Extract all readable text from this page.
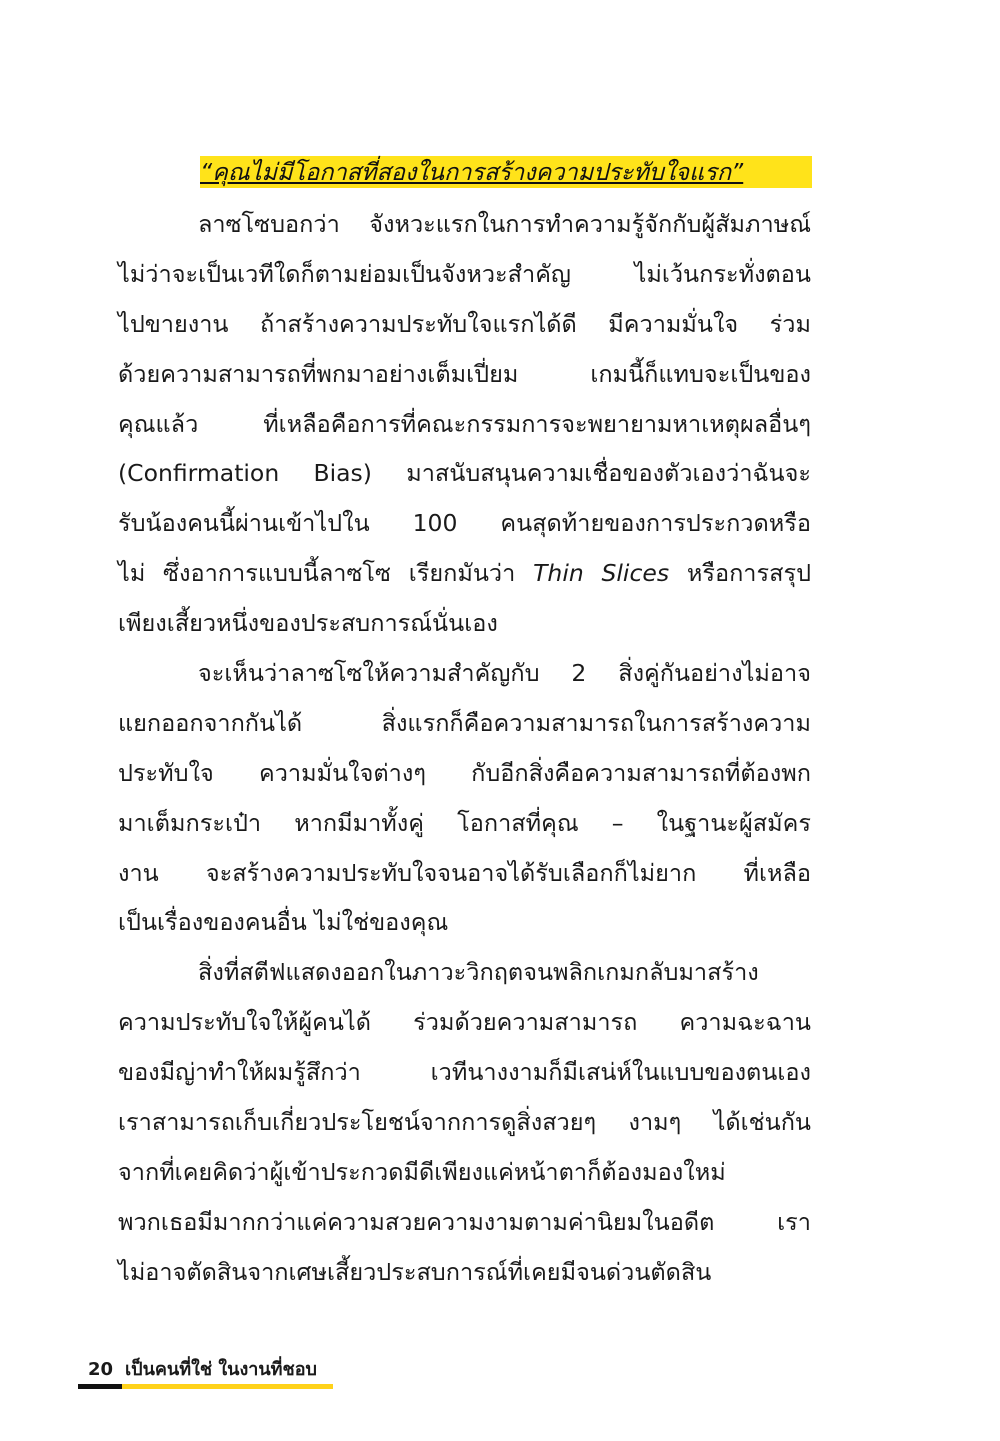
“คุณไม่มีโอกาสที่สองในการสร้างความประทับใจแรก”
ลาซโซบอกว่า จังหวะแรกในการทำความรู้จักกับผู้สัมภาษณ์
ไม่ว่าจะเป็นเวทีใดก็ตามย่อมเป็นจังหวะสำคัญ ไม่เว้นกระทั่งตอน
ไปขายงาน ถ้าสร้างความประทับใจแรกได้ดี มีความมั่นใจ ร่วม
ด้วยความสามารถที่พกมาอย่างเต็มเปี่ยม เกมนี้ก็แทบจะเป็นของ
คุณแล้ว ที่เหลือคือการที่คณะกรรมการจะพยายามหาเหตุผลอื่นๆ
(Confirmation Bias) มาสนับสนุนความเชื่อของตัวเองว่าฉันจะ
รับน้องคนนี้ผ่านเข้าไปใน 100 คนสุดท้ายของการประกวดหรือ
ไม่ ซึ่งอาการแบบนี้ลาซโซ เรียกมันว่า Thin Slices หรือการสรุป
เพียงเสี้ยวหนึ่งของประสบการณ์นั่นเอง
จะเห็นว่าลาซโซให้ความสำคัญกับ 2 สิ่งคู่กันอย่างไม่อาจ
แยกออกจากกันได้ สิ่งแรกก็คือความสามารถในการสร้างความ
ประทับใจ ความมั่นใจต่างๆ กับอีกสิ่งคือความสามารถที่ต้องพก
มาเต็มกระเป๋า หากมีมาทั้งคู่ โอกาสที่คุณ – ในฐานะผู้สมัคร
งาน จะสร้างความประทับใจจนอาจได้รับเลือกก็ไม่ยาก ที่เหลือ
เป็นเรื่องของคนอื่น ไม่ใช่ของคุณ
สิ่งที่สตีฟแสดงออกในภาวะวิกฤตจนพลิกเกมกลับมาสร้าง
ความประทับใจให้ผู้คนได้ ร่วมด้วยความสามารถ ความฉะฉาน
ของมีญ่าทำให้ผมรู้สึกว่า เวทีนางงามก็มีเสน่ห์ในแบบของตนเอง
เราสามารถเก็บเกี่ยวประโยชน์จากการดูสิ่งสวยๆ งามๆ ได้เช่นกัน
จากที่เคยคิดว่าผู้เข้าประกวดมีดีเพียงแค่หน้าตาก็ต้องมองใหม่
พวกเธอมีมากกว่าแค่ความสวยความงามตามค่านิยมในอดีต เรา
ไม่อาจตัดสินจากเศษเสี้ยวประสบการณ์ที่เคยมีจนด่วนตัดสิน
20 เป็นคนที่ใช่ ในงานที่ชอบ
